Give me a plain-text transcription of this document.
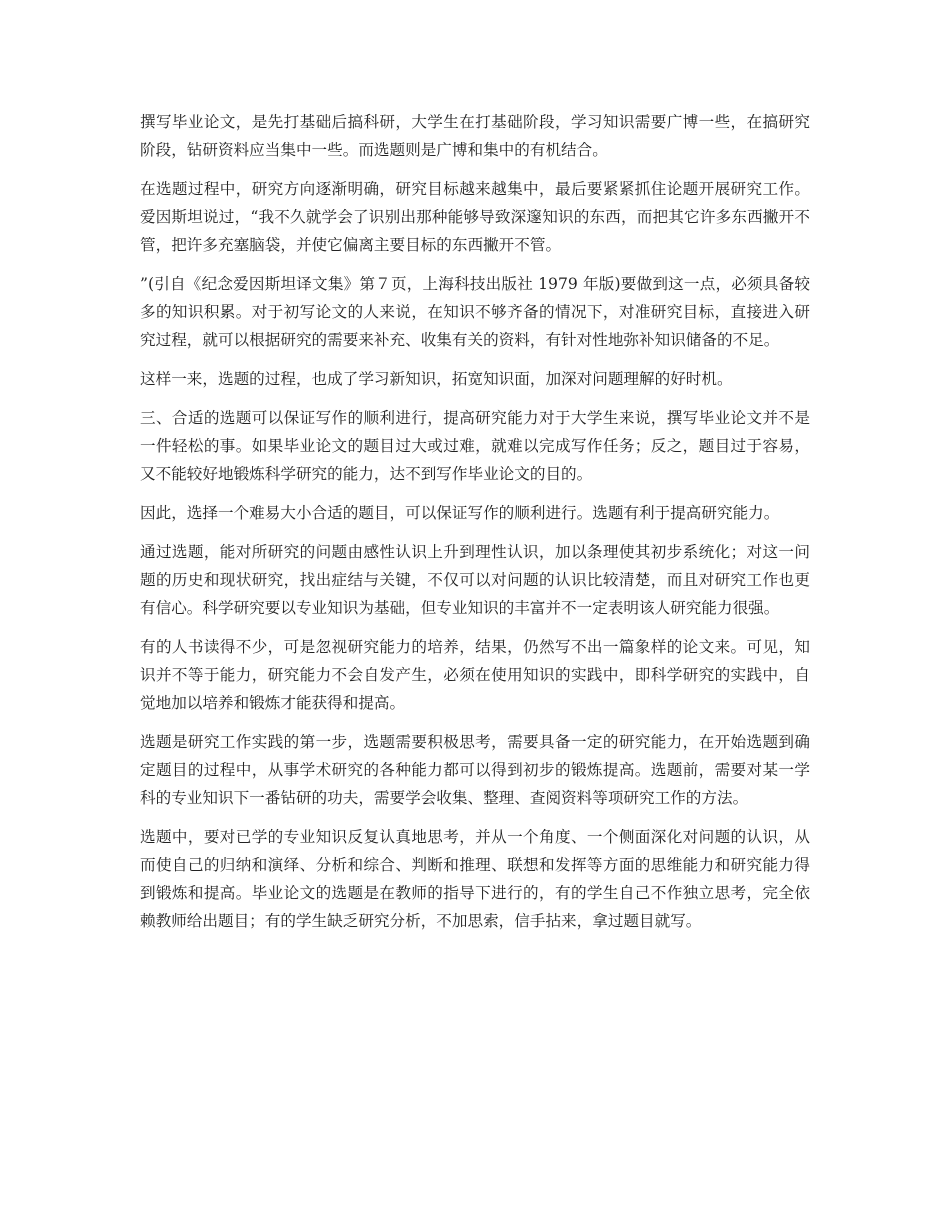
撰写毕业论文，是先打基础后搞科研，大学生在打基础阶段，学习知识需要广博一些，在搞研究阶段，钻研资料应当集中一些。而选题则是广博和集中的有机结合。

在选题过程中，研究方向逐渐明确，研究目标越来越集中，最后要紧紧抓住论题开展研究工作。爱因斯坦说过，“我不久就学会了识别出那种能够导致深邃知识的东西，而把其它许多东西撇开不管，把许多充塞脑袋，并使它偏离主要目标的东西撇开不管。

”(引自《纪念爱因斯坦译文集》第７页，上海科技出版社 1979 年版)要做到这一点，必须具备较多的知识积累。对于初写论文的人来说，在知识不够齐备的情况下，对准研究目标，直接进入研究过程，就可以根据研究的需要来补充、收集有关的资料，有针对性地弥补知识储备的不足。

这样一来，选题的过程，也成了学习新知识，拓宽知识面，加深对问题理解的好时机。

三、合适的选题可以保证写作的顺利进行，提高研究能力对于大学生来说，撰写毕业论文并不是一件轻松的事。如果毕业论文的题目过大或过难，就难以完成写作任务；反之，题目过于容易，又不能较好地锻炼科学研究的能力，达不到写作毕业论文的目的。

因此，选择一个难易大小合适的题目，可以保证写作的顺利进行。选题有利于提高研究能力。

通过选题，能对所研究的问题由感性认识上升到理性认识，加以条理使其初步系统化；对这一问题的历史和现状研究，找出症结与关键，不仅可以对问题的认识比较清楚，而且对研究工作也更有信心。科学研究要以专业知识为基础，但专业知识的丰富并不一定表明该人研究能力很强。

有的人书读得不少，可是忽视研究能力的培养，结果，仍然写不出一篇象样的论文来。可见，知识并不等于能力，研究能力不会自发产生，必须在使用知识的实践中，即科学研究的实践中，自觉地加以培养和锻炼才能获得和提高。

选题是研究工作实践的第一步，选题需要积极思考，需要具备一定的研究能力，在开始选题到确定题目的过程中，从事学术研究的各种能力都可以得到初步的锻炼提高。选题前，需要对某一学科的专业知识下一番钻研的功夫，需要学会收集、整理、查阅资料等项研究工作的方法。

选题中，要对已学的专业知识反复认真地思考，并从一个角度、一个侧面深化对问题的认识，从而使自己的归纳和演绎、分析和综合、判断和推理、联想和发挥等方面的思维能力和研究能力得到锻炼和提高。毕业论文的选题是在教师的指导下进行的，有的学生自己不作独立思考，完全依赖教师给出题目；有的学生缺乏研究分析，不加思索，信手拈来，拿过题目就写。
